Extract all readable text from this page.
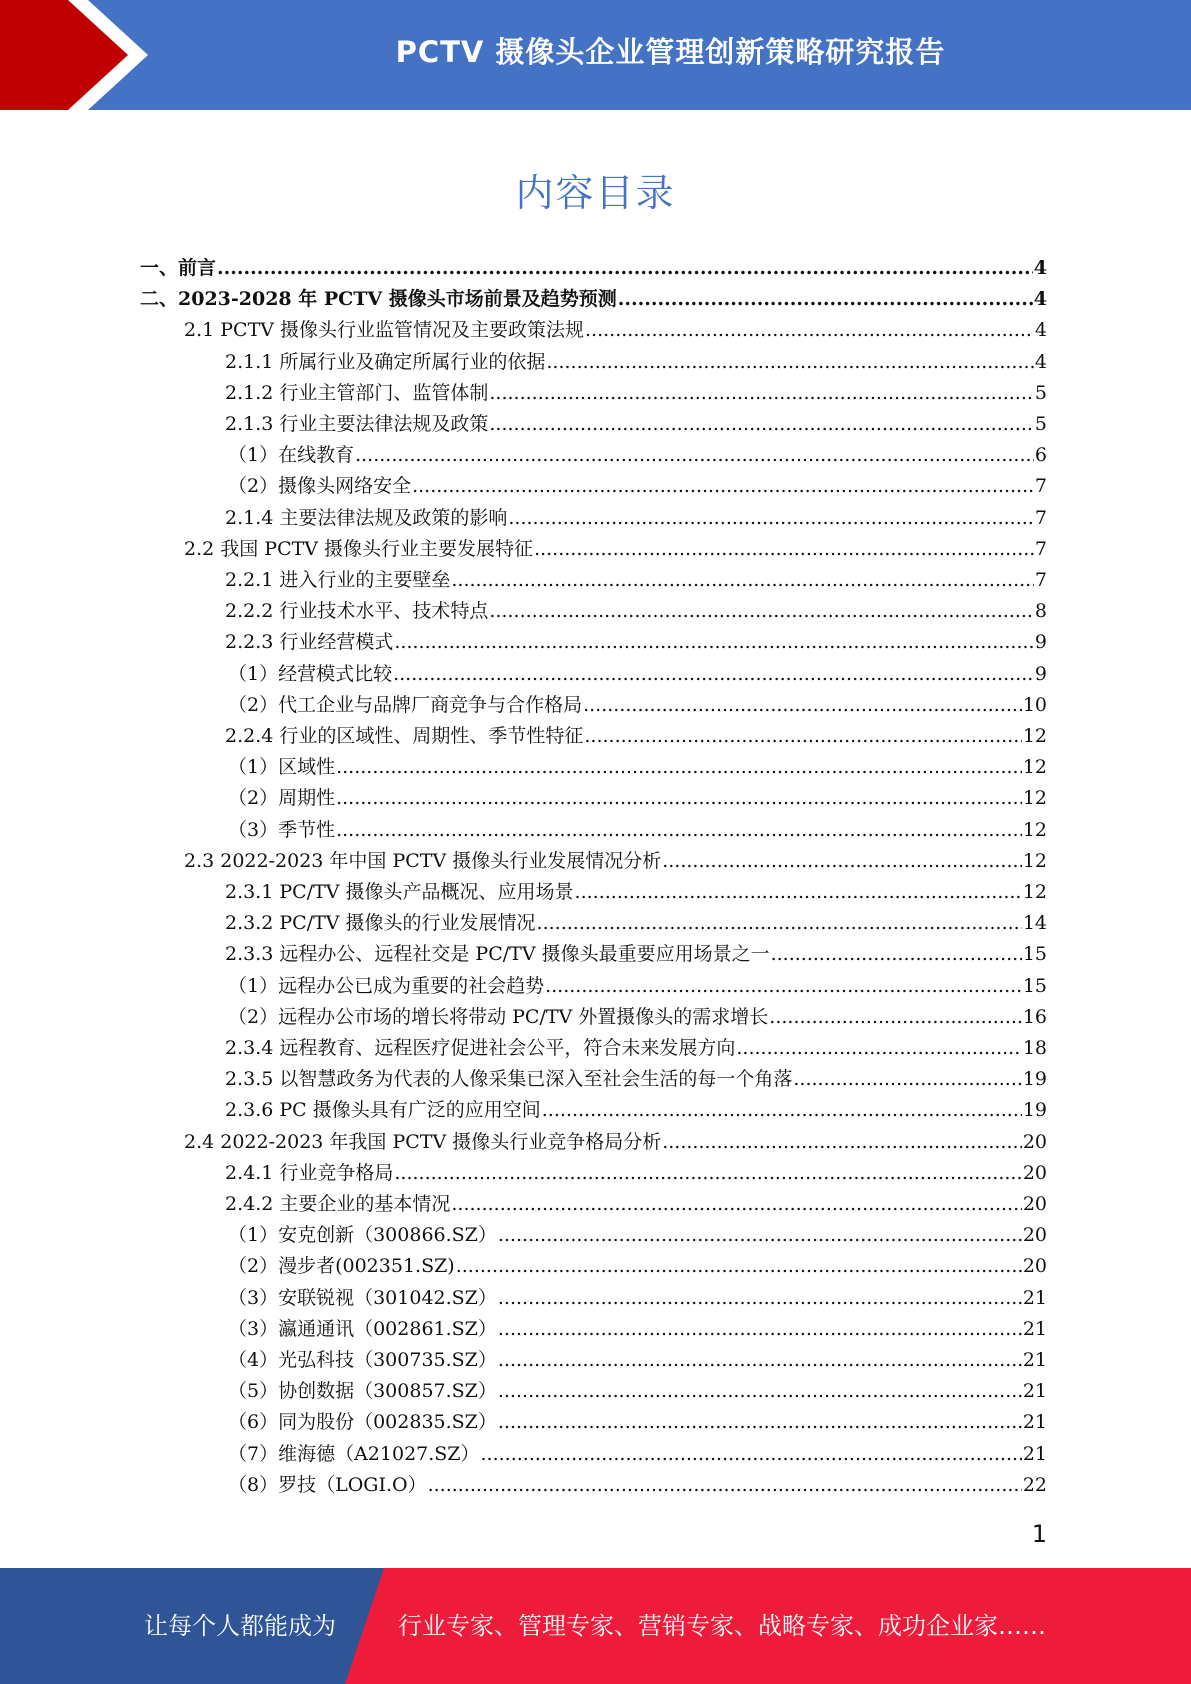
PCTV 摄像头企业管理创新策略研究报告
内容目录
一、前言 .....	4
二、2023-2028 年 PCTV 摄像头市场前景及趋势预测 .....	4
2.1 PCTV 摄像头行业监管情况及主要政策法规 .....	4
2.1.1 所属行业及确定所属行业的依据 .....	4
2.1.2 行业主管部门、监管体制 .....	5
2.1.3 行业主要法律法规及政策 .....	5
（1）在线教育 .....	6
（2）摄像头网络安全 .....	7
2.1.4 主要法律法规及政策的影响 .....	7
2.2 我国 PCTV 摄像头行业主要发展特征 .....	7
2.2.1 进入行业的主要壁垒 .....	7
2.2.2 行业技术水平、技术特点 .....	8
2.2.3 行业经营模式 .....	9
（1）经营模式比较 .....	9
（2）代工企业与品牌厂商竞争与合作格局 .....	10
2.2.4 行业的区域性、周期性、季节性特征 .....	12
（1）区域性 .....	12
（2）周期性 .....	12
（3）季节性 .....	12
2.3 2022-2023 年中国 PCTV 摄像头行业发展情况分析 .....	12
2.3.1 PC/TV 摄像头产品概况、应用场景 .....	12
2.3.2 PC/TV 摄像头的行业发展情况 .....	14
2.3.3 远程办公、远程社交是 PC/TV 摄像头最重要应用场景之一 .....	15
（1）远程办公已成为重要的社会趋势 .....	15
（2）远程办公市场的增长将带动 PC/TV 外置摄像头的需求增长 .....	16
2.3.4 远程教育、远程医疗促进社会公平，符合未来发展方向 .....	18
2.3.5 以智慧政务为代表的人像采集已深入至社会生活的每一个角落 .....	19
2.3.6 PC 摄像头具有广泛的应用空间 .....	19
2.4 2022-2023 年我国 PCTV 摄像头行业竞争格局分析 .....	20
2.4.1 行业竞争格局 .....	20
2.4.2 主要企业的基本情况 .....	20
（1）安克创新（300866.SZ） .....	20
（2）漫步者(002351.SZ) .....	20
（3）安联锐视（301042.SZ） .....	21
（3）瀛通通讯（002861.SZ） .....	21
（4）光弘科技（300735.SZ） .....	21
（5）协创数据（300857.SZ） .....	21
（6）同为股份（002835.SZ） .....	21
（7）维海德（A21027.SZ） .....	21
（8）罗技（LOGI.O） .....	22
1
让每个人都能成为	行业专家、管理专家、营销专家、战略专家、成功企业家……
